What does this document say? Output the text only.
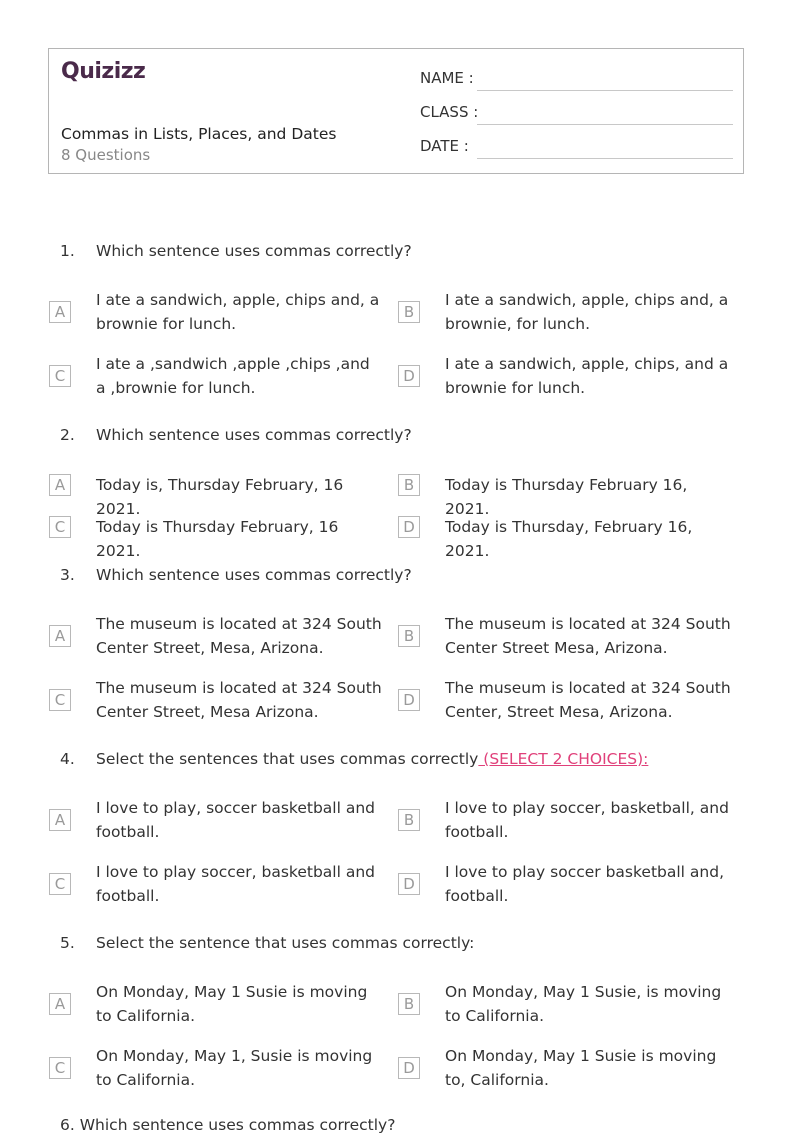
Quizizz
Commas in Lists, Places, and Dates
8 Questions
NAME :
CLASS :
DATE :
1. Which sentence uses commas correctly?
A
I ate a sandwich, apple, chips and, a brownie for lunch.
B
I ate a sandwich, apple, chips and, a brownie, for lunch.
C
I ate a ,sandwich ,apple ,chips ,and a ,brownie for lunch.
D
I ate a sandwich, apple, chips, and a brownie for lunch.
2. Which sentence uses commas correctly?
A	Today is, Thursday February, 16 2021.
B	Today is Thursday February 16, 2021.
C	Today is Thursday February, 16 2021.
D	Today is Thursday, February 16, 2021.
3. Which sentence uses commas correctly?
A
The museum is located at 324 South Center Street, Mesa, Arizona.
B
The museum is located at 324 South Center Street Mesa, Arizona.
C
The museum is located at 324 South Center Street, Mesa Arizona.
D
The museum is located at 324 South Center, Street Mesa, Arizona.
4. Select the sentences that uses commas correctly (SELECT 2 CHOICES):
A
I love to play, soccer basketball and football.
B
I love to play soccer, basketball, and football.
C
I love to play soccer, basketball and football.
D
I love to play soccer basketball and, football.
5. Select the sentence that uses commas correctly:
A
On Monday, May 1 Susie is moving to California.
B
On Monday, May 1 Susie, is moving to California.
C
On Monday, May 1, Susie is moving to California.
D
On Monday, May 1 Susie is moving to, California.
6. Which sentence uses commas correctly?
